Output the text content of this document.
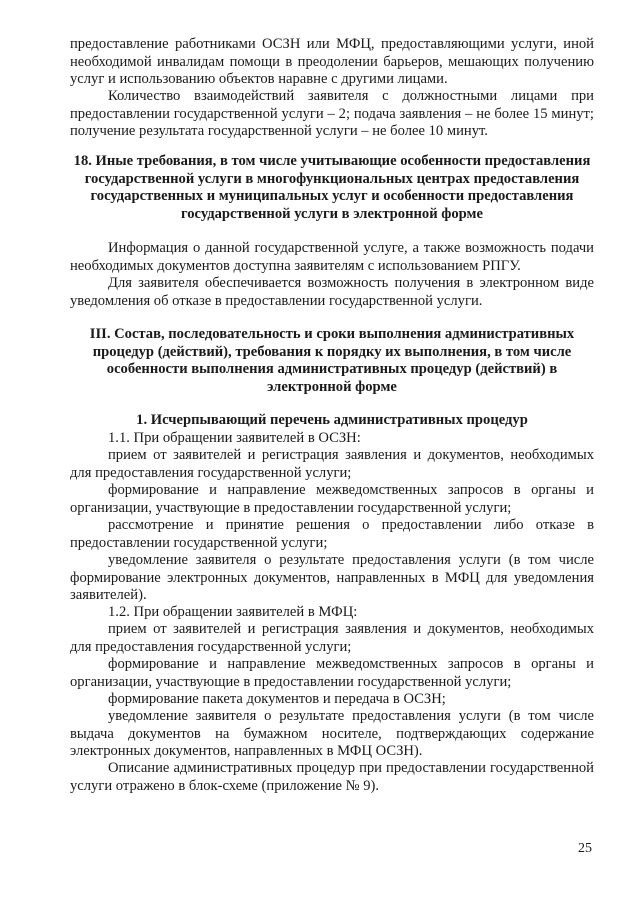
предоставление работниками ОСЗН или МФЦ, предоставляющими услуги, иной необходимой инвалидам помощи в преодолении барьеров, мешающих получению услуг и использованию объектов наравне с другими лицами.

Количество взаимодействий заявителя с должностными лицами при предоставлении государственной услуги – 2; подача заявления – не более 15 минут; получение результата государственной услуги – не более 10 минут.

18. Иные требования, в том числе учитывающие особенности предоставления государственной услуги в многофункциональных центрах предоставления государственных и муниципальных услуг и особенности предоставления государственной услуги в электронной форме

Информация о данной государственной услуге, а также возможность подачи необходимых документов доступна заявителям с использованием РПГУ.

Для заявителя обеспечивается возможность получения в электронном виде уведомления об отказе в предоставлении государственной услуги.

III. Состав, последовательность и сроки выполнения административных процедур (действий), требования к порядку их выполнения, в том числе особенности выполнения административных процедур (действий) в электронной форме

1. Исчерпывающий перечень административных процедур

1.1. При обращении заявителей в ОСЗН:

прием от заявителей и регистрация заявления и документов, необходимых для предоставления государственной услуги;

формирование и направление межведомственных запросов в органы и организации, участвующие в предоставлении государственной услуги;

рассмотрение и принятие решения о предоставлении либо отказе в предоставлении государственной услуги;

уведомление заявителя о результате предоставления услуги (в том числе формирование электронных документов, направленных в МФЦ для уведомления заявителей).

1.2. При обращении заявителей в МФЦ:

прием от заявителей и регистрация заявления и документов, необходимых для предоставления государственной услуги;

формирование и направление межведомственных запросов в органы и организации, участвующие в предоставлении государственной услуги;

формирование пакета документов и передача в ОСЗН;

уведомление заявителя о результате предоставления услуги (в том числе выдача документов на бумажном носителе, подтверждающих содержание электронных документов, направленных в МФЦ ОСЗН).

Описание административных процедур при предоставлении государственной услуги отражено в блок-схеме (приложение № 9).

25
